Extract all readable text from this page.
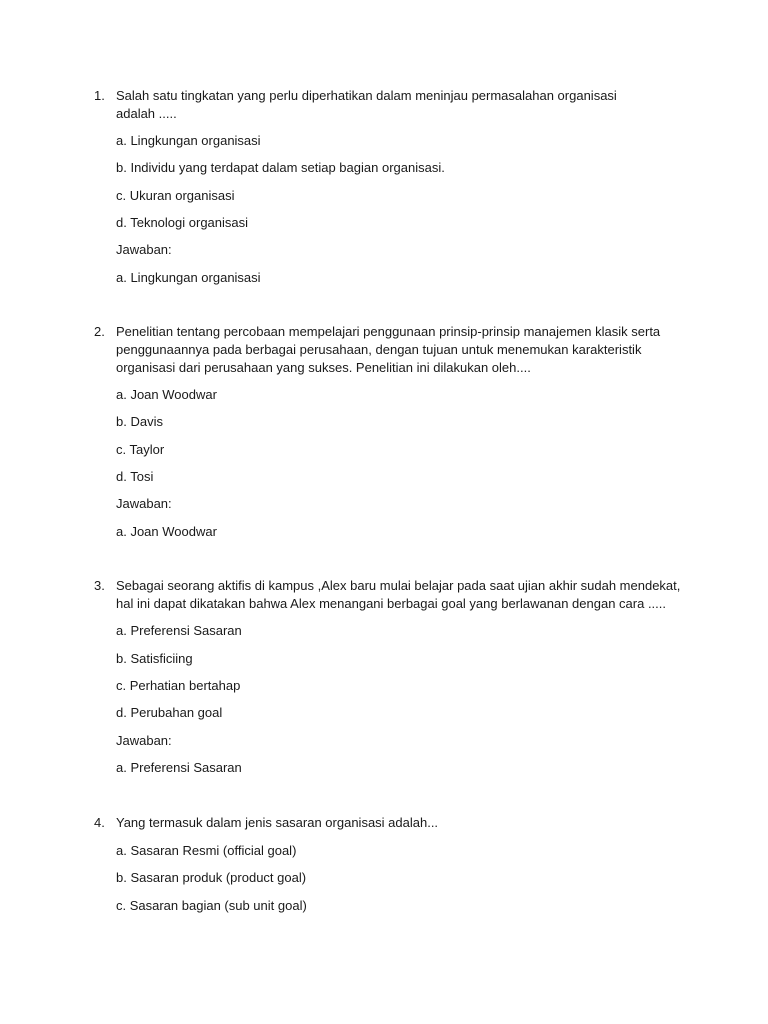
1. Salah satu tingkatan yang perlu diperhatikan dalam meninjau permasalahan organisasi
adalah .....
a. Lingkungan organisasi
b. Individu yang terdapat dalam setiap bagian organisasi.
c. Ukuran organisasi
d. Teknologi organisasi
Jawaban:
a. Lingkungan organisasi
2. Penelitian tentang percobaan mempelajari penggunaan prinsip-prinsip manajemen klasik serta
penggunaannya pada berbagai perusahaan, dengan tujuan untuk menemukan karakteristik
organisasi dari perusahaan yang sukses. Penelitian ini dilakukan oleh....
a. Joan Woodwar
b. Davis
c. Taylor
d. Tosi
Jawaban:
a. Joan Woodwar
3. Sebagai seorang aktifis di kampus ,Alex baru mulai belajar pada saat ujian akhir sudah mendekat,
hal ini dapat dikatakan bahwa Alex menangani berbagai goal yang berlawanan dengan cara .....
a. Preferensi Sasaran
b. Satisficiing
c. Perhatian bertahap
d. Perubahan goal
Jawaban:
a. Preferensi Sasaran
4. Yang termasuk dalam jenis sasaran organisasi adalah...
a. Sasaran Resmi (official goal)
b. Sasaran produk (product goal)
c. Sasaran bagian (sub unit goal)
